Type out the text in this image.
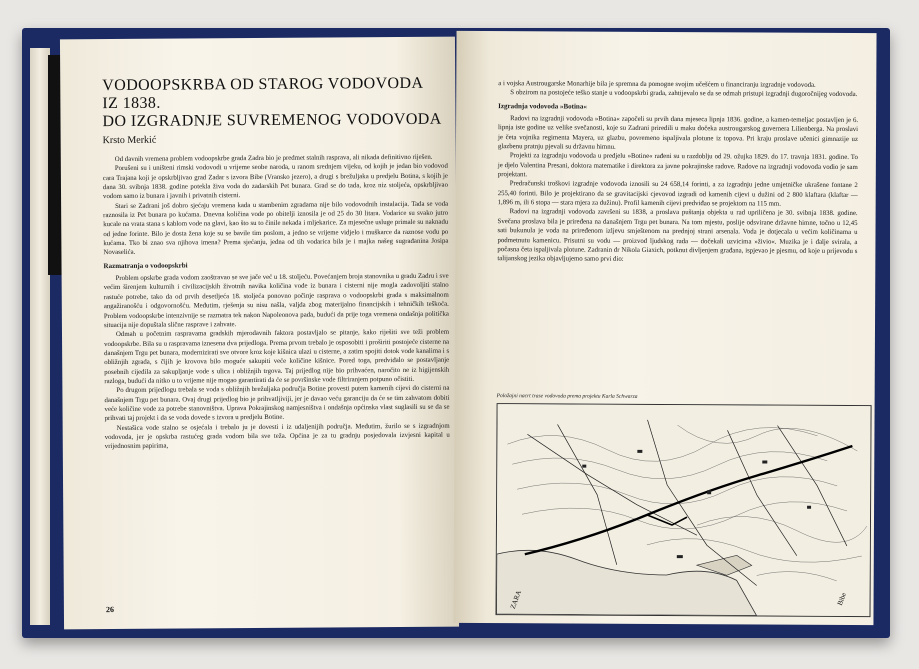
VODOOPSKRBA OD STAROG VODOVODA IZ 1838.
DO IZGRADNJE SUVREMENOG VODOVODA
Krsto Merkić

Od davnih vremena problem vodoopskrbe grada Zadra bio je predmet stalnih rasprava, ali nikada definitivno riješen.

Porušeni su i uništeni rimski vodovodi u vrijeme seobe naroda, u ranom srednjem vijeku, od kojih je jedan bio vodovod cara Trajana koji je opskrbljivao grad Zadar s izvora Bibe (Vransko jezero), a drugi s brežuljaka u predjelu Botina, s kojih je dana 30. svibnja 1838. godine potekla živa voda do zadarskih Pet bunara. Grad se do tada, kroz niz stoljeća, opskrbljivao vodom samo iz bunara i javnih i privatnih cisterni.

Stari se Zadrani još dobro sjećaju vremena kada u stambenim zgradama nije bilo vodovodnih instalacija. Tada se voda raznosila iz Pet bunara po kućama. Dnevna količina vode po obitelji iznosila je od 25 do 30 litara. Vodarice su svako jutro kucale na vrata stana s kablom vode na glavi, kao što su to činile nekada i mljekarice. Za mjesečne usluge primale su naknadu od jedne forinte. Bilo je dosta žena koje su se bavile tim poslom, a jedno se vrijeme vidjelo i muškarce da raznose vodu po kućama. Tko bi znao sva njihova imena? Prema sjećanju, jedna od tih vodarica bila je i majka našeg sugrađanina Josipa Novaselića.

Razmatranja o vodoopskrbi

Problem opskrbe grada vodom zaoštravao se sve jače već u 18. stoljeću. Povećanjem broja stanovnika u gradu Zadru i sve većim širenjem kulturnih i civilizacijskih životnih navika količina vode iz bunara i cisterni nije mogla zadovoljiti stalno rastuće potrebe, tako da od prvih desetljeća 18. stoljeća ponovno počinje rasprava o vodoopskrbi grada s maksimalnom angažiranošću i odgovornošću. Međutim, rješenja su nisu našla, valjda zbog materijalno financijskih i tehničkih teškoća. Problem vodoopskrbe intenzivnije se razmatra tek nakon Napoleonova pada, budući da prije toga vremena ondašnja politička situacija nije dopuštala slične rasprave i zahvate.

Odmah u početnim raspravama gradskih mjerodavnih faktora postavljalo se pitanje, kako riješiti sve teži problem vodoopskrbe. Bila su u raspravama iznesena dva prijedloga. Prema prvom trebalo je osposobiti i proširiti postojeće cisterne na današnjem Trgu pet bunara, modernizirati sve otvore kroz koje kišnica ulazi u cisterne, a zatim spojiti dotok vode kanalima i s obližnjih zgrada, s čijih je krovova bilo moguće sakupiti veće količine kišnice. Pored toga, predviđalo se postavljanje posebnih cijedila za sakupljanje vode s ulica i obližnjih trgova. Taj prijedlog nije bio prihvaćen, naročito ne iz higijenskih razloga, budući da nitko u to vrijeme nije mogao garantirati da će se površinske vode filtriranjem potpuno očistiti.

Po drugom prijedlogu trebala se voda s obližnjih brežuljaka područja Botine provesti putem kamenih cijevi do cisterni na današnjem Trgu pet bunara. Ovaj drugi prijedlog bio je prihvatljiviji, jer je davao veću garanciju da će se tim zahvatom dobiti veće količine vode za potrebe stanovništva. Uprava Pokrajinskog namjesništva i ondašnja općinska vlast suglasili su se da se prihvati taj projekt i da se voda dovede s izvora u predjelu Botine.

Nestašica vode stalno se osjećala i trebalo ju je dovesti i iz udaljenijih područja. Međutim, žurilo se s izgradnjom vodovoda, jer je opskrba rastućeg grada vodom bila sve teža. Općina je za tu gradnju posjedovala izvjesni kapital u vrijednosnim papirima,

26

a i vojska Austrougarske Monarhije bila je spremna da pomogne svojim učešćem u financiranju izgradnje vodovoda.

S obzirom na postojeće teško stanje u vodoopskrbi grada, zahtijevalo se da se odmah pristupi izgradnji dugoročnijeg vodovoda.

Izgradnja vodovoda »Botina«

Radovi na izgradnji vodovoda »Botina« započeli su prvih dana mjeseca lipnja 1836. godine, a kamen-temeljac postavljen je 6. lipnja iste godine uz velike svečanosti, koje su Zadrani priredili u maku dočeka austrougarskog guvernera Lilienberga. Na proslavi je četa vojnika regimenta Mayera, uz glazbu, povremeno ispaljivala plotune iz topova. Pri kraju proslave učenici gimnazije uz glazbenu pratnju pjevali su državnu himnu.

Projekti za izgradnju vodovoda u predjelu »Botine« rađeni su u razdoblju od 29. ožujka 1829. do 17. travnja 1831. godine. To je djelo Valentina Presani, doktora matematike i direktora za javne pokrajinske radove. Radove na izgradnji vodovoda vodio je sam projektant.

Predračunski troškovi izgradnje vodovoda iznosili su 24 658,14 forinti, a za izgradnju jedne umjetničke ukrašene fontane 2 255,40 forinti. Bilo je projektirano da se gravitacijski cjevovod izgradi od kamenih cijevi u dužini od 2 800 klaftara (klaftar — 1,896 m, ili 6 stopa — stara mjera za dužinu). Profil kamenih cijevi predviđao se projektom na 115 mm.

Radovi na izgradnji vodovoda završeni su 1838, a proslava puštanja objekta u rad upriličena je 30. svibnja 1838. godine. Svečana proslava bila je priređena na današnjem Trgu pet bunara. Na tom mjestu, poslije odsvirane državne himne, točno u 12,45 sati bukunula je voda na priređenom izljevu smještenom na prednjoj strani arsenala. Voda je dotjecala u većim količinama u podmetnutu kamenicu. Prisutni su vodu — proizvod ljudskog rada — dočekali uzvicima »živio«. Muzika je i dalje svirala, a počasna četa ispaljivala plotune. Zadranin dr Nikola Giaxich, potknut divljenjem građana, ispjevao je pjesmu, od koje u prijevodu s talijanskog jezika objavljujemo samo prvi dio:

Položajni nacrt trase vodovoda prema projektu Karla Schwarza
ZARA	Bibe
